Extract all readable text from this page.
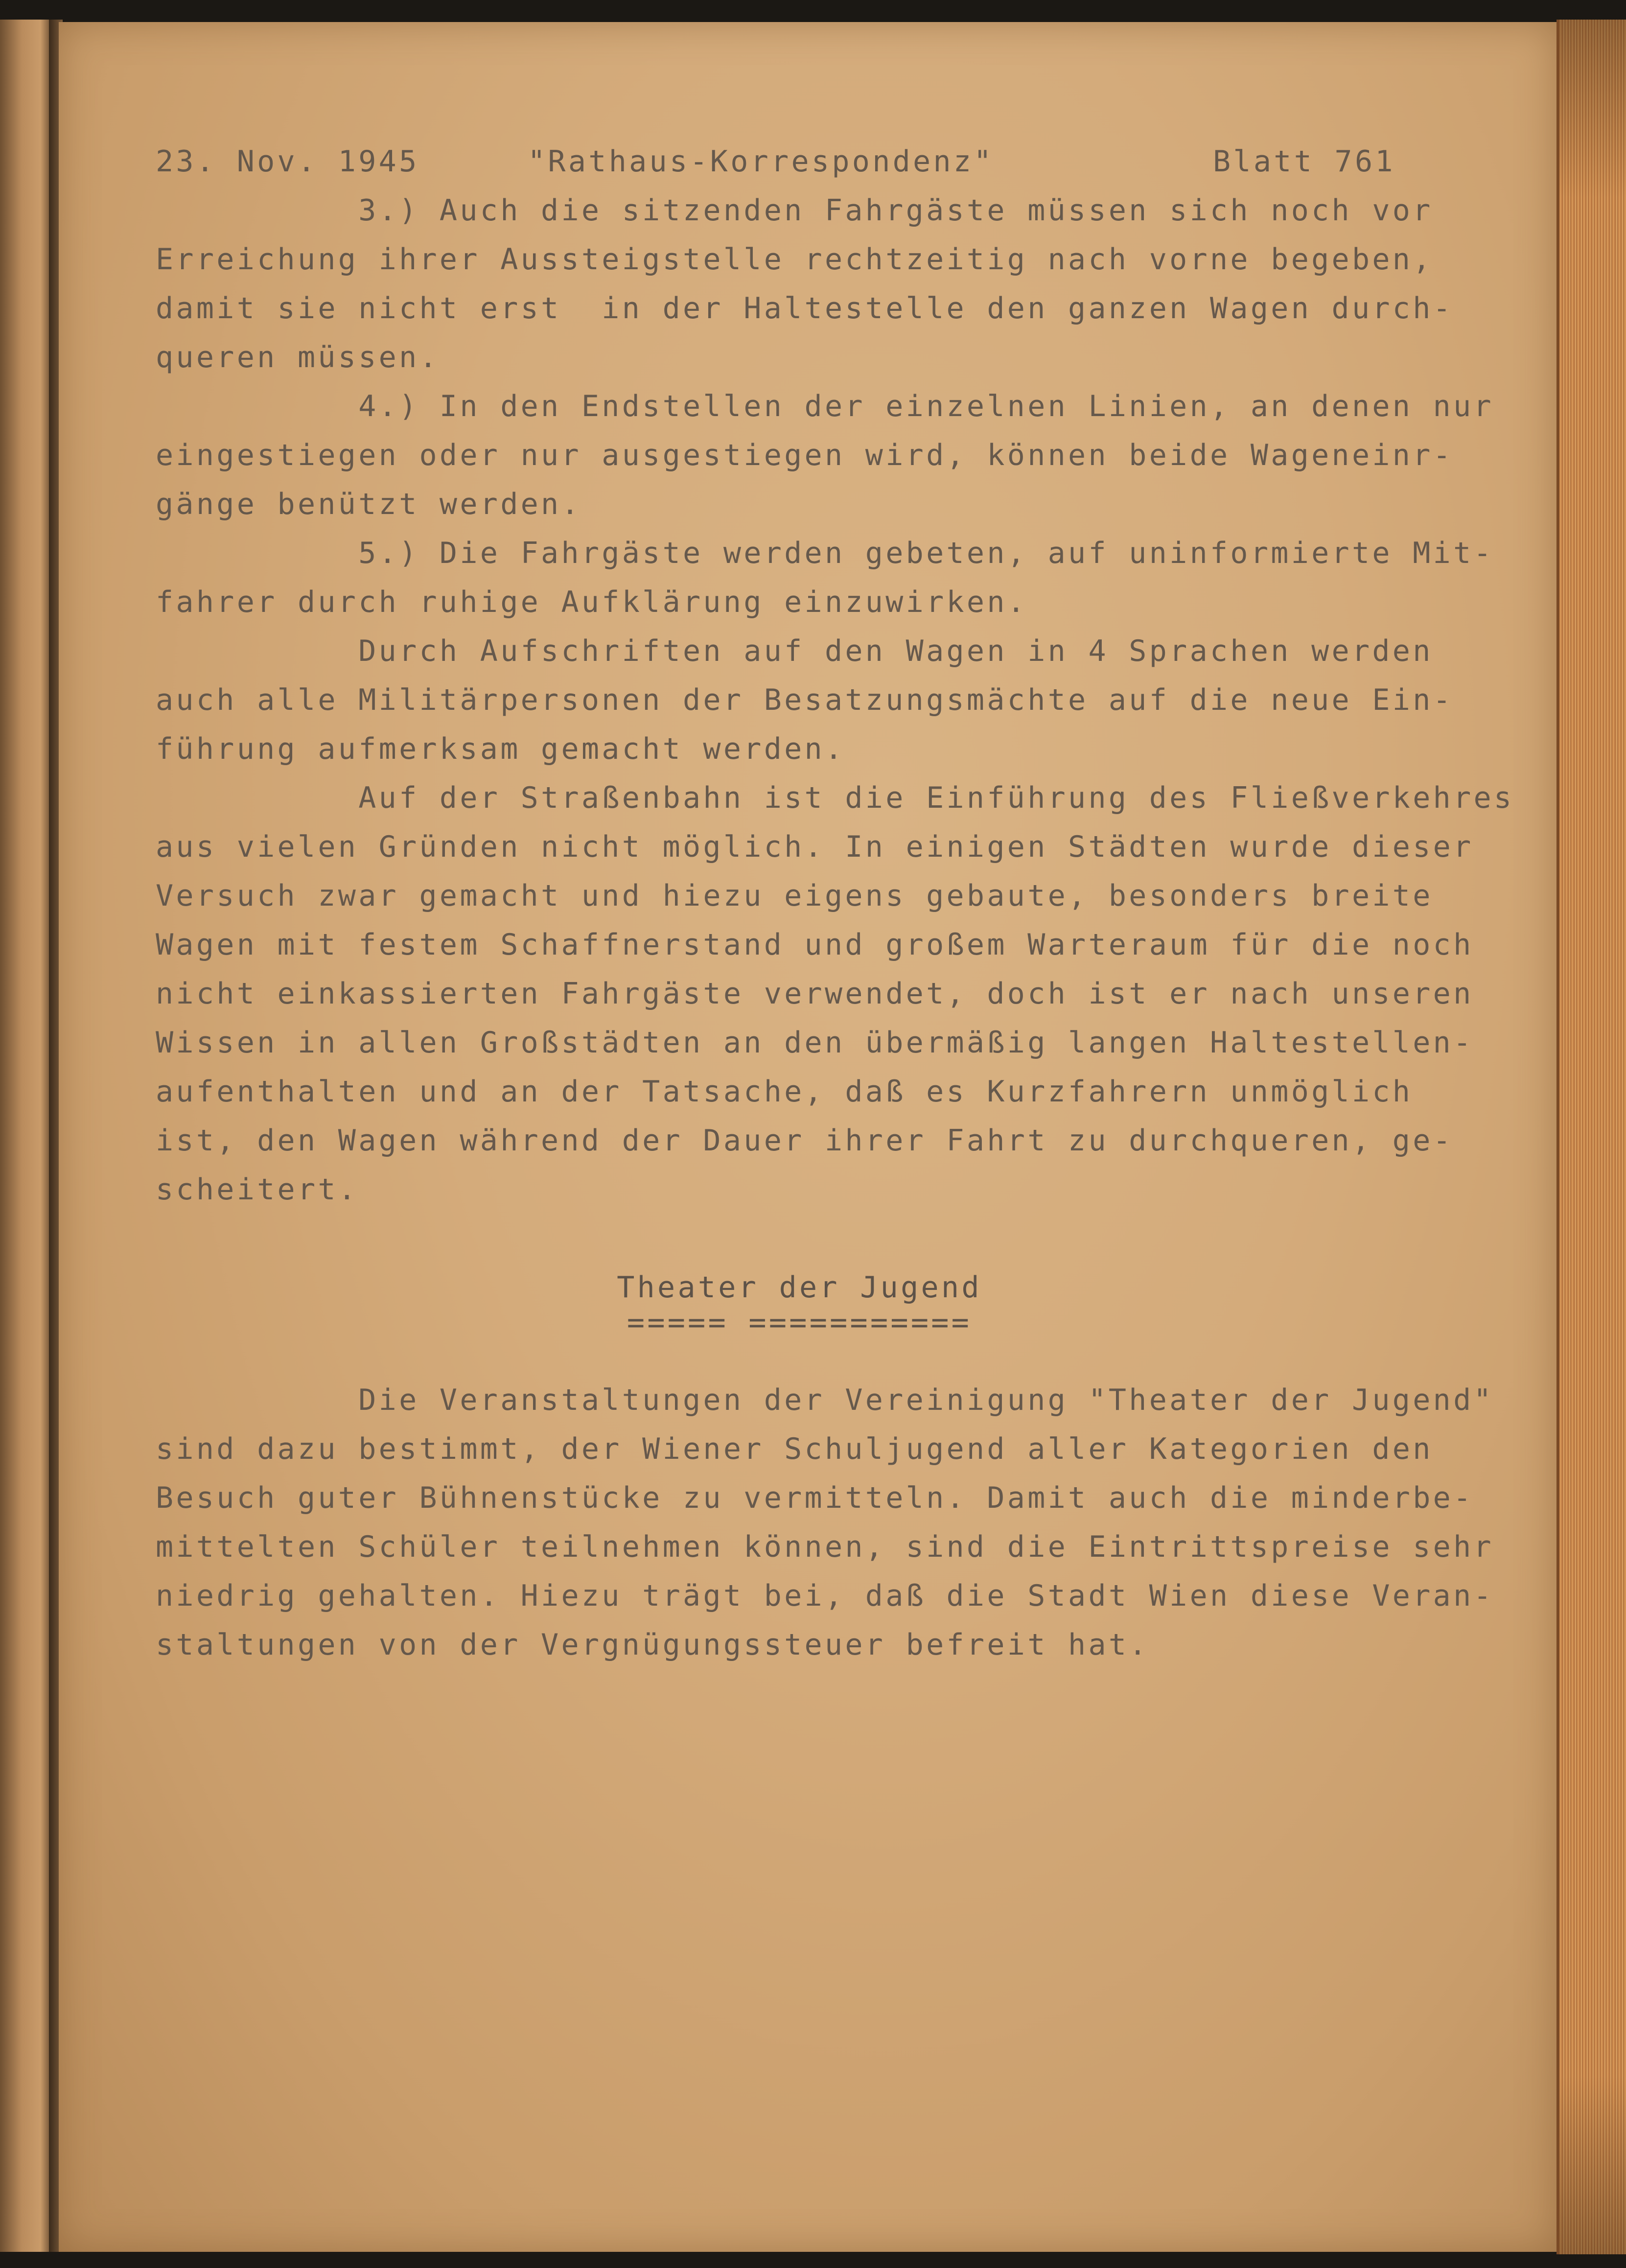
23. Nov. 1945

	"Rathaus-Korrespondenz"

	Blatt 761

3.) Auch die sitzenden Fahrgäste müssen sich noch vor

Erreichung ihrer Aussteigstelle rechtzeitig nach vorne begeben,

damit sie nicht erst  in der Haltestelle den ganzen Wagen durch-

queren müssen.

4.) In den Endstellen der einzelnen Linien, an denen nur

eingestiegen oder nur ausgestiegen wird, können beide Wageneinr-

gänge benützt werden.

5.) Die Fahrgäste werden gebeten, auf uninformierte Mit-

fahrer durch ruhige Aufklärung einzuwirken.

Durch Aufschriften auf den Wagen in 4 Sprachen werden

auch alle Militärpersonen der Besatzungsmächte auf die neue Ein-

führung aufmerksam gemacht werden.

Auf der Straßenbahn ist die Einführung des Fließverkehres

aus vielen Gründen nicht möglich. In einigen Städten wurde dieser

Versuch zwar gemacht und hiezu eigens gebaute, besonders breite

Wagen mit festem Schaffnerstand und großem Warteraum für die noch

nicht einkassierten Fahrgäste verwendet, doch ist er nach unseren

Wissen in allen Großstädten an den übermäßig langen Haltestellen-

aufenthalten und an der Tatsache, daß es Kurzfahrern unmöglich

ist, den Wagen während der Dauer ihrer Fahrt zu durchqueren, ge-

scheitert.

Theater der Jugend

===== ===========

Die Veranstaltungen der Vereinigung "Theater der Jugend"

sind dazu bestimmt, der Wiener Schuljugend aller Kategorien den

Besuch guter Bühnenstücke zu vermitteln. Damit auch die minderbe-

mittelten Schüler teilnehmen können, sind die Eintrittspreise sehr

niedrig gehalten. Hiezu trägt bei, daß die Stadt Wien diese Veran-

staltungen von der Vergnügungssteuer befreit hat.
